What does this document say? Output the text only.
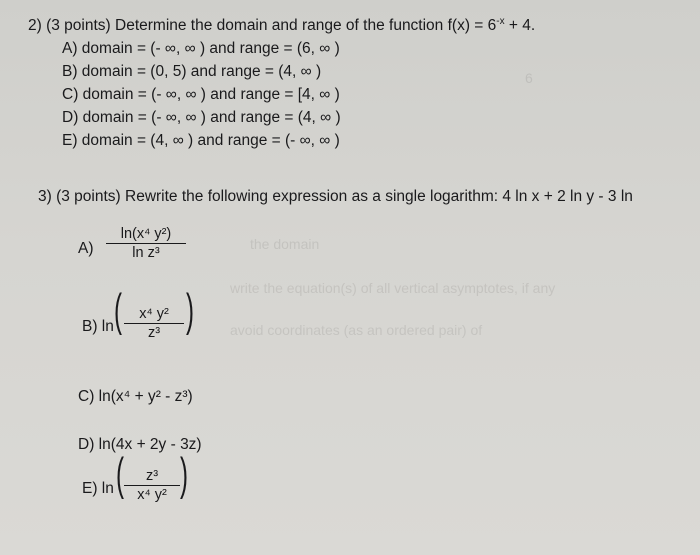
the domain
write the equation(s) of all vertical asymptotes, if any
avoid coordinates (as an ordered pair) of
6
2) (3 points) Determine the domain and range of the function $f(x) = 6^{-x} + 4$.
A) domain = (- ∞, ∞ ) and range = (6, ∞ )
B) domain = (0, 5) and range = (4, ∞ )
C) domain = (- ∞, ∞ ) and range = [4, ∞ )
D) domain = (- ∞, ∞ ) and range = (4, ∞ )
E) domain = (4, ∞ ) and range = (- ∞, ∞ )
3) (3 points) Rewrite the following expression as a single logarithm: 4 ln x + 2 ln y - 3 ln
A)
ln(x⁴ y²)
ln z³
B) ln (	x⁴ y²
z³	)
C) ln(x⁴ + y² - z³)
D) ln(4x + 2y - 3z)
E) ln (	z³
x⁴ y² )
